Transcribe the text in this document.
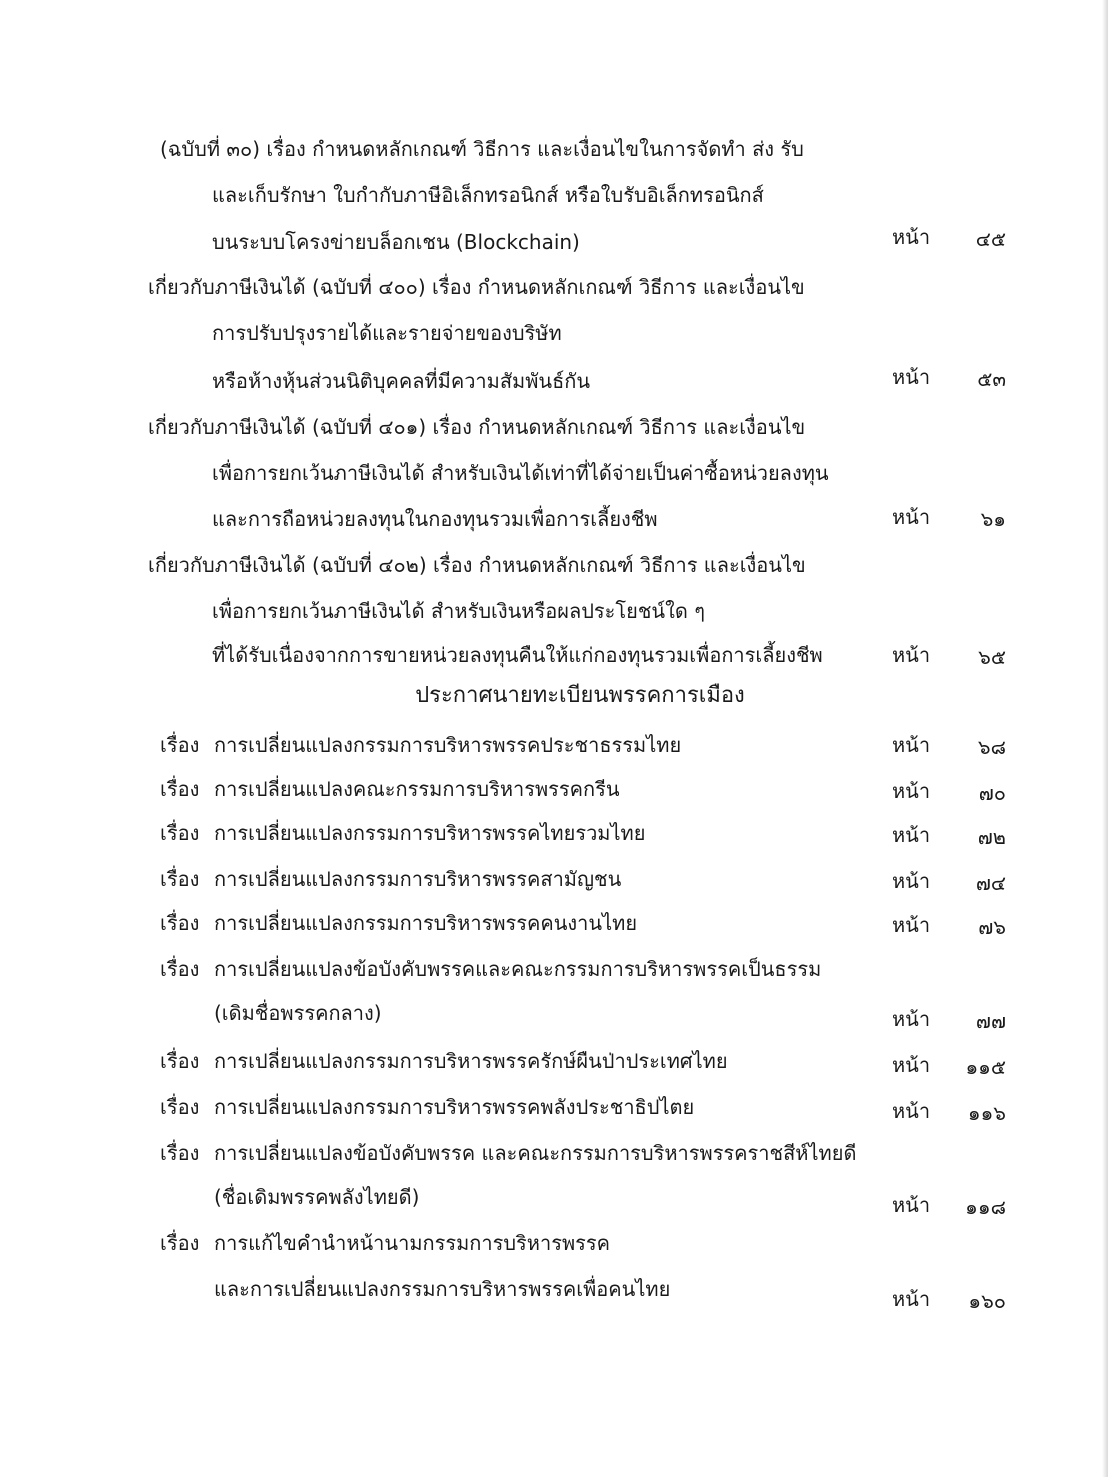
(ฉบับที่ ๓๐) เรื่อง กำหนดหลักเกณฑ์ วิธีการ และเงื่อนไขในการจัดทำ ส่ง รับ
และเก็บรักษา ใบกำกับภาษีอิเล็กทรอนิกส์ หรือใบรับอิเล็กทรอนิกส์
บนระบบโครงข่ายบล็อกเชน (Blockchain)	หน้า	๔๕
เกี่ยวกับภาษีเงินได้ (ฉบับที่ ๔๐๐) เรื่อง กำหนดหลักเกณฑ์ วิธีการ และเงื่อนไข
การปรับปรุงรายได้และรายจ่ายของบริษัท
หรือห้างหุ้นส่วนนิติบุคคลที่มีความสัมพันธ์กัน	หน้า	๕๓
เกี่ยวกับภาษีเงินได้ (ฉบับที่ ๔๐๑) เรื่อง กำหนดหลักเกณฑ์ วิธีการ และเงื่อนไข
เพื่อการยกเว้นภาษีเงินได้ สำหรับเงินได้เท่าที่ได้จ่ายเป็นค่าซื้อหน่วยลงทุน
และการถือหน่วยลงทุนในกองทุนรวมเพื่อการเลี้ยงชีพ	หน้า	๖๑
เกี่ยวกับภาษีเงินได้ (ฉบับที่ ๔๐๒) เรื่อง กำหนดหลักเกณฑ์ วิธีการ และเงื่อนไข
เพื่อการยกเว้นภาษีเงินได้ สำหรับเงินหรือผลประโยชน์ใด ๆ
ที่ได้รับเนื่องจากการขายหน่วยลงทุนคืนให้แก่กองทุนรวมเพื่อการเลี้ยงชีพ	หน้า	๖๕
ประกาศนายทะเบียนพรรคการเมือง
เรื่อง การเปลี่ยนแปลงกรรมการบริหารพรรคประชาธรรมไทย	หน้า	๖๘
เรื่อง การเปลี่ยนแปลงคณะกรรมการบริหารพรรคกรีน	หน้า	๗๐
เรื่อง การเปลี่ยนแปลงกรรมการบริหารพรรคไทยรวมไทย	หน้า	๗๒
เรื่อง การเปลี่ยนแปลงกรรมการบริหารพรรคสามัญชน	หน้า	๗๔
เรื่อง การเปลี่ยนแปลงกรรมการบริหารพรรคคนงานไทย	หน้า	๗๖
เรื่อง การเปลี่ยนแปลงข้อบังคับพรรคและคณะกรรมการบริหารพรรคเป็นธรรม
(เดิมชื่อพรรคกลาง)	หน้า	๗๗
เรื่อง การเปลี่ยนแปลงกรรมการบริหารพรรครักษ์ผืนป่าประเทศไทย	หน้า ๑๑๕
เรื่อง การเปลี่ยนแปลงกรรมการบริหารพรรคพลังประชาธิปไตย	หน้า	๑๑๖
เรื่อง การเปลี่ยนแปลงข้อบังคับพรรค และคณะกรรมการบริหารพรรคราชสีห์ไทยดี
(ชื่อเดิมพรรคพลังไทยดี)	หน้า ๑๑๘
เรื่อง การแก้ไขคำนำหน้านามกรรมการบริหารพรรค
และการเปลี่ยนแปลงกรรมการบริหารพรรคเพื่อคนไทย	หน้า	๑๖๐
